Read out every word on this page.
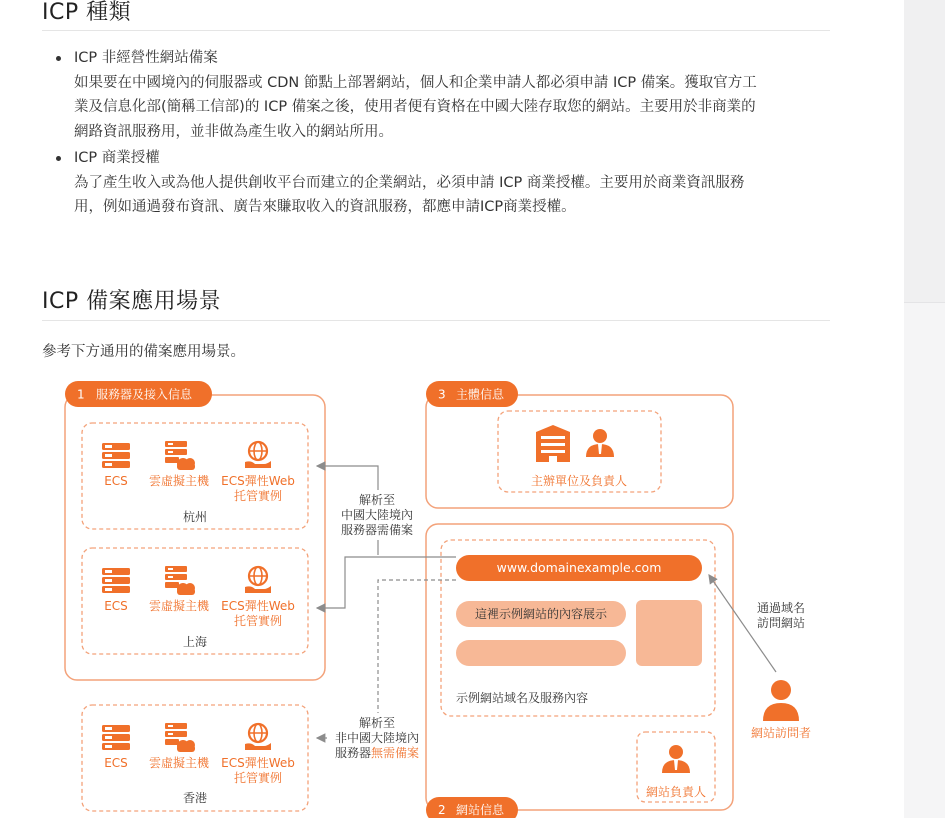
ICP 種類
ICP 非經營性網站備案
如果要在中國境內的伺服器或 CDN 節點上部署網站，個人和企業申請人都必須申請 ICP 備案。獲取官方工
業及信息化部(簡稱工信部)的 ICP 備案之後，使用者便有資格在中國大陸存取您的網站。主要用於非商業的
網路資訊服務用，並非做為產生收入的網站所用。
ICP 商業授權
為了產生收入或為他人提供創收平台而建立的企業網站，必須申請 ICP 商業授權。主要用於商業資訊服務
用，例如通過發布資訊、廣告來賺取收入的資訊服務，都應申請ICP商業授權。
ICP 備案應用場景
參考下方通用的備案應用場景。
1 服務器及接入信息
ECS 雲虛擬主機 ECS彈性Web
托管實例
杭州
ECS 雲虛擬主機 ECS彈性Web
托管實例
上海
ECS 雲虛擬主機 ECS彈性Web
托管實例
香港
3 主體信息
主辦單位及負責人
www.domainexample.com
這裡示例網站的內容展示
示例網站域名及服務內容
網站負責人
2 網站信息
解析至
中國大陸境內
服務器需備案
解析至
非中國大陸境內
服務器無需備案
通過域名
訪問網站
網站訪問者
